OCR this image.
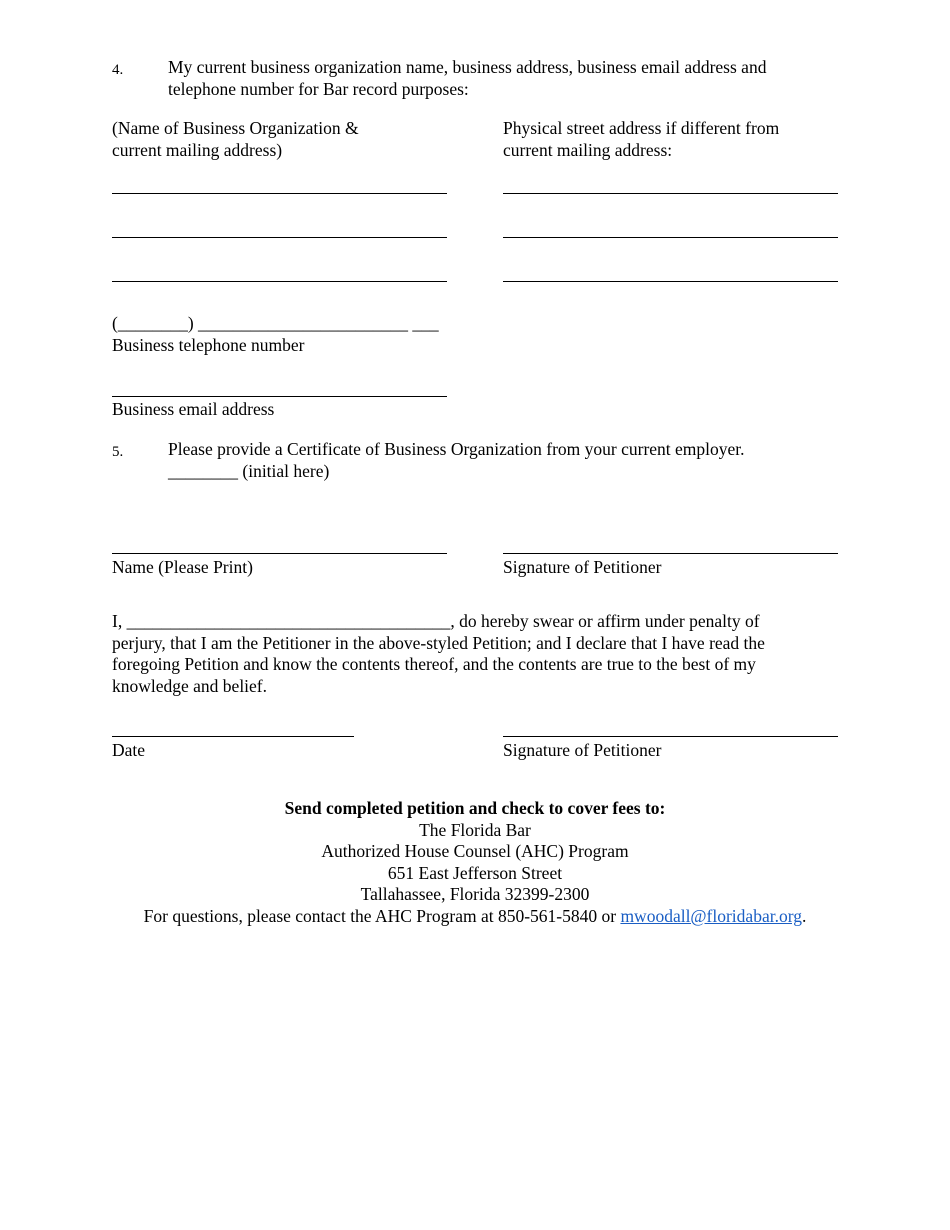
4.	My current business organization name, business address, business email address and
telephone number for Bar record purposes:
(Name of Business Organization &
current mailing address)
Physical street address if different from
current mailing address:
(________) ________________________ ___
Business telephone number
Business email address
5.	Please provide a Certificate of Business Organization from your current employer.
________ (initial here)
Name (Please Print)	Signature of Petitioner
I, _____________________________________, do hereby swear or affirm under penalty of
perjury, that I am the Petitioner in the above-styled Petition; and I declare that I have read the
foregoing Petition and know the contents thereof, and the contents are true to the best of my
knowledge and belief.
Date	Signature of Petitioner
Send completed petition and check to cover fees to:
The Florida Bar
Authorized House Counsel (AHC) Program
651 East Jefferson Street
Tallahassee, Florida 32399-2300
For questions, please contact the AHC Program at 850-561-5840 or mwoodall@floridabar.org.
